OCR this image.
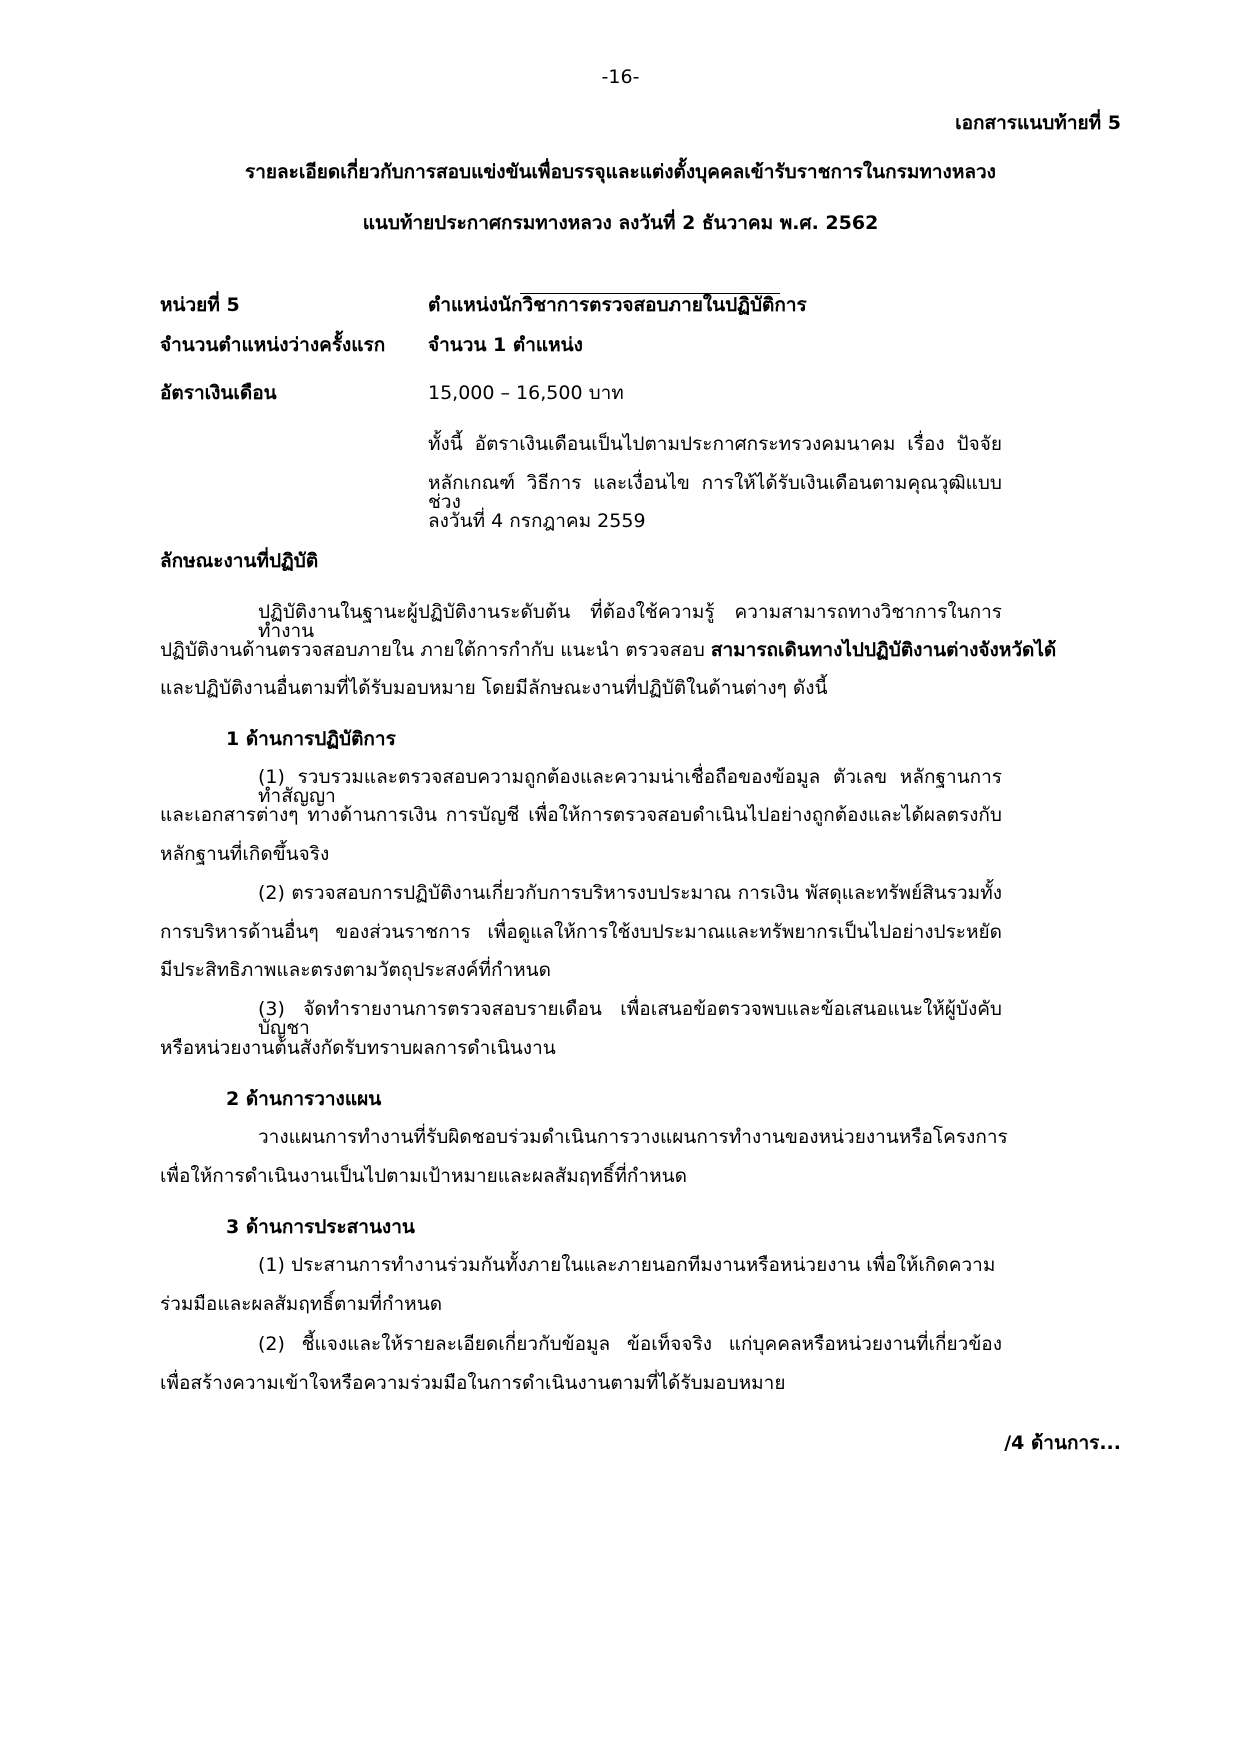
-16-
เอกสารแนบท้ายที่ 5
รายละเอียดเกี่ยวกับการสอบแข่งขันเพื่อบรรจุและแต่งตั้งบุคคลเข้ารับราชการในกรมทางหลวง
แนบท้ายประกาศกรมทางหลวง ลงวันที่ 2 ธันวาคม พ.ศ. 2562
หน่วยที่ 5	ตำแหน่งนักวิชาการตรวจสอบภายในปฏิบัติการ
จำนวนตำแหน่งว่างครั้งแรก จำนวน 1 ตำแหน่ง
อัตราเงินเดือน	15,000 – 16,500 บาท
ทั้งนี้ อัตราเงินเดือนเป็นไปตามประกาศกระทรวงคมนาคม เรื่อง ปัจจัย
หลักเกณฑ์ วิธีการ และเงื่อนไข การให้ได้รับเงินเดือนตามคุณวุฒิแบบช่วง
ลงวันที่ 4 กรกฎาคม 2559
ลักษณะงานที่ปฏิบัติ
ปฏิบัติงานในฐานะผู้ปฏิบัติงานระดับต้น ที่ต้องใช้ความรู้ ความสามารถทางวิชาการในการทำงาน
ปฏิบัติงานด้านตรวจสอบภายใน ภายใต้การกำกับ แนะนำ ตรวจสอบ สามารถเดินทางไปปฏิบัติงานต่างจังหวัดได้
และปฏิบัติงานอื่นตามที่ได้รับมอบหมาย โดยมีลักษณะงานที่ปฏิบัติในด้านต่างๆ ดังนี้
1 ด้านการปฏิบัติการ
(1) รวบรวมและตรวจสอบความถูกต้องและความน่าเชื่อถือของข้อมูล ตัวเลข หลักฐานการทำสัญญา
และเอกสารต่างๆ ทางด้านการเงิน การบัญชี เพื่อให้การตรวจสอบดำเนินไปอย่างถูกต้องและได้ผลตรงกับ
หลักฐานที่เกิดขึ้นจริง
(2) ตรวจสอบการปฏิบัติงานเกี่ยวกับการบริหารงบประมาณ การเงิน พัสดุและทรัพย์สินรวมทั้ง
การบริหารด้านอื่นๆ ของส่วนราชการ เพื่อดูแลให้การใช้งบประมาณและทรัพยากรเป็นไปอย่างประหยัด
มีประสิทธิภาพและตรงตามวัตถุประสงค์ที่กำหนด
(3) จัดทำรายงานการตรวจสอบรายเดือน เพื่อเสนอข้อตรวจพบและข้อเสนอแนะให้ผู้บังคับบัญชา
หรือหน่วยงานต้นสังกัดรับทราบผลการดำเนินงาน
2 ด้านการวางแผน
วางแผนการทำงานที่รับผิดชอบร่วมดำเนินการวางแผนการทำงานของหน่วยงานหรือโครงการ
เพื่อให้การดำเนินงานเป็นไปตามเป้าหมายและผลสัมฤทธิ์ที่กำหนด
3 ด้านการประสานงาน
(1) ประสานการทำงานร่วมกันทั้งภายในและภายนอกทีมงานหรือหน่วยงาน เพื่อให้เกิดความ
ร่วมมือและผลสัมฤทธิ์ตามที่กำหนด
(2) ชี้แจงและให้รายละเอียดเกี่ยวกับข้อมูล ข้อเท็จจริง แก่บุคคลหรือหน่วยงานที่เกี่ยวข้อง
เพื่อสร้างความเข้าใจหรือความร่วมมือในการดำเนินงานตามที่ได้รับมอบหมาย
/4 ด้านการ...
